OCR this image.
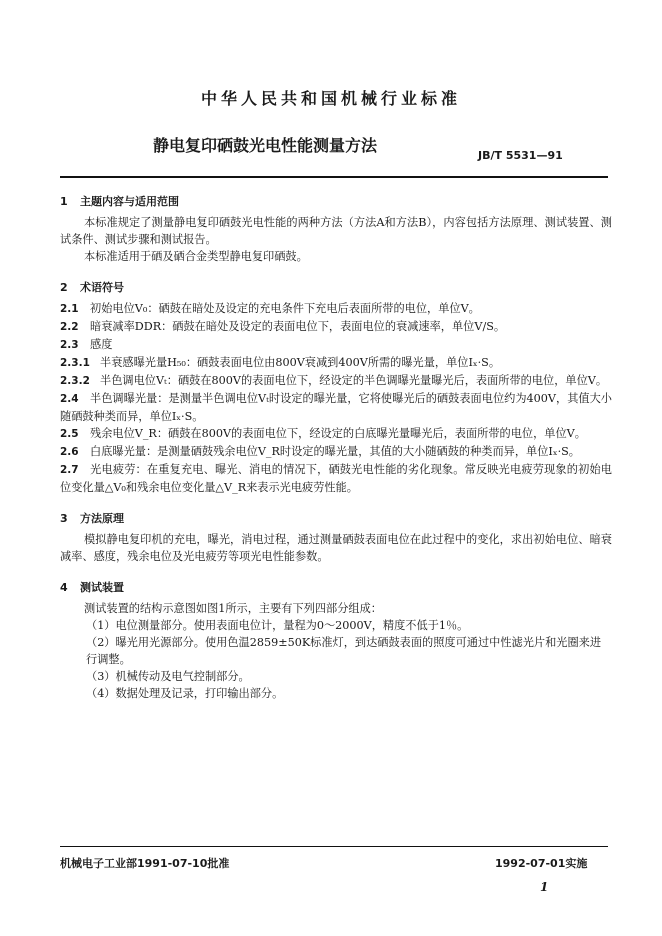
中华人民共和国机械行业标准
静电复印硒鼓光电性能测量方法
JB/T 5531—91
1 主题内容与适用范围

本标准规定了测量静电复印硒鼓光电性能的两种方法（方法A和方法B），内容包括方法原理、测试装置、测试条件、测试步骤和测试报告。

本标准适用于硒及硒合金类型静电复印硒鼓。

2 术语符号

2.1 初始电位V₀：硒鼓在暗处及设定的充电条件下充电后表面所带的电位，单位V。

2.2 暗衰减率DDR：硒鼓在暗处及设定的表面电位下，表面电位的衰减速率，单位V/S。

2.3 感度

2.3.1 半衰感曝光量H₅₀：硒鼓表面电位由800V衰减到400V所需的曝光量，单位Iₓ·S。

2.3.2 半色调电位Vₜ：硒鼓在800V的表面电位下，经设定的半色调曝光量曝光后，表面所带的电位，单位V。

2.4 半色调曝光量：是测量半色调电位Vₜ时设定的曝光量，它将使曝光后的硒鼓表面电位约为400V，其值大小随硒鼓种类而异，单位Iₓ·S。

2.5 残余电位V_R：硒鼓在800V的表面电位下，经设定的白底曝光量曝光后，表面所带的电位，单位V。

2.6 白底曝光量：是测量硒鼓残余电位V_R时设定的曝光量，其值的大小随硒鼓的种类而异，单位Iₓ·S。

2.7 光电疲劳：在重复充电、曝光、消电的情况下，硒鼓光电性能的劣化现象。常反映光电疲劳现象的初始电位变化量△V₀和残余电位变化量△V_R来表示光电疲劳性能。

3 方法原理

模拟静电复印机的充电，曝光，消电过程，通过测量硒鼓表面电位在此过程中的变化，求出初始电位、暗衰减率、感度，残余电位及光电疲劳等项光电性能参数。

4 测试装置

测试装置的结构示意图如图1所示，主要有下列四部分组成：

（1）电位测量部分。使用表面电位计，量程为0～2000V，精度不低于1％。

（2）曝光用光源部分。使用色温2859±50K标准灯，到达硒鼓表面的照度可通过中性滤光片和光圈来进行调整。

（3）机械传动及电气控制部分。

（4）数据处理及记录，打印输出部分。

机械电子工业部1991-07-10批准	1992-07-01实施
1
